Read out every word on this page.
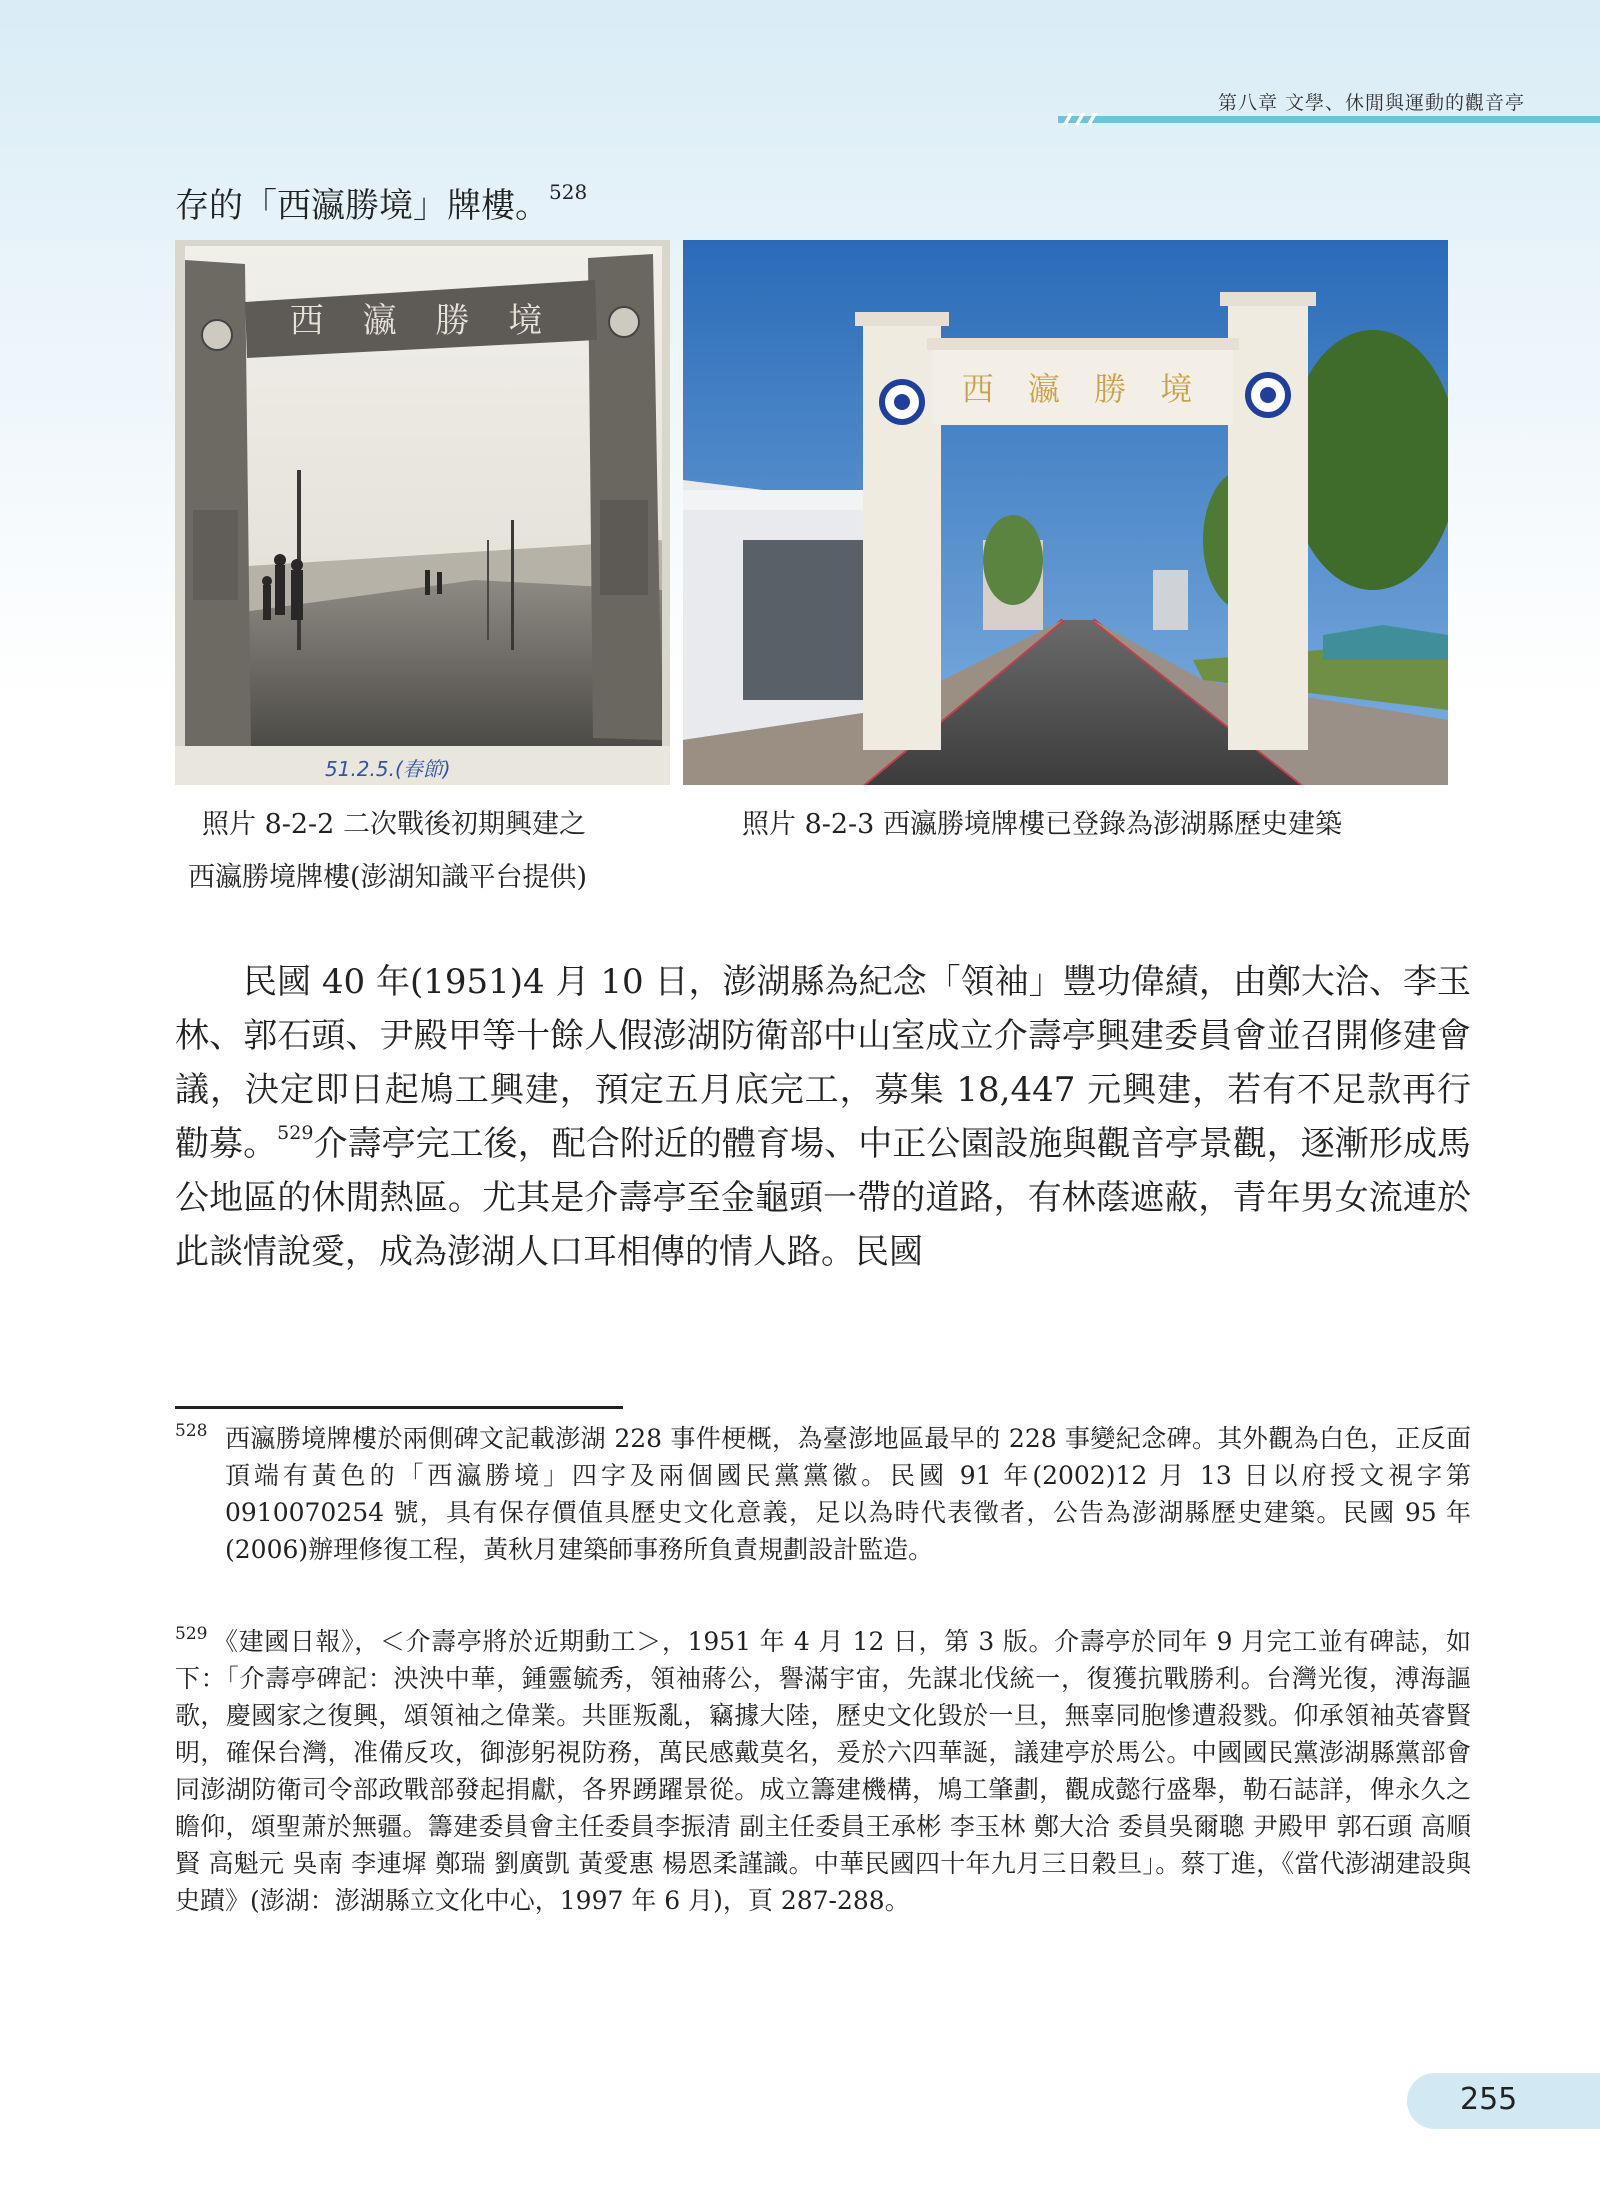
第八章 文學、休閒與運動的觀音亭
存的「西瀛勝境」牌樓。$^{528}$
西 瀛 勝 境
51.2.5.(春節)
西 瀛 勝 境
照片 8-2-2 二次戰後初期興建之
西瀛勝境牌樓(澎湖知識平台提供)
照片 8-2-3 西瀛勝境牌樓已登錄為澎湖縣歷史建築
民國 40 年(1951)4 月 10 日，澎湖縣為紀念「領袖」豐功偉績，由鄭大洽、李玉林、郭石頭、尹殿甲等十餘人假澎湖防衛部中山室成立介壽亭興建委員會並召開修建會議，決定即日起鳩工興建，預定五月底完工，募集 18,447 元興建，若有不足款再行勸募。$^{529}$介壽亭完工後，配合附近的體育場、中正公園設施與觀音亭景觀，逐漸形成馬公地區的休閒熱區。尤其是介壽亭至金龜頭一帶的道路，有林蔭遮蔽，青年男女流連於此談情說愛，成為澎湖人口耳相傳的情人路。民國
528 西瀛勝境牌樓於兩側碑文記載澎湖 228 事件梗概，為臺澎地區最早的 228 事變紀念碑。其外觀為白色，正反面頂端有黃色的「西瀛勝境」四字及兩個國民黨黨徽。民國 91 年(2002)12 月 13 日以府授文視字第 0910070254 號，具有保存價值具歷史文化意義，足以為時代表徵者，公告為澎湖縣歷史建築。民國 95 年(2006)辦理修復工程，黃秋月建築師事務所負責規劃設計監造。
529 《建國日報》，＜介壽亭將於近期動工＞，1951 年 4 月 12 日，第 3 版。介壽亭於同年 9 月完工並有碑誌，如下：「介壽亭碑記：泱泱中華，鍾靈毓秀，領袖蔣公，譽滿宇宙，先謀北伐統一，復獲抗戰勝利。台灣光復，溥海謳歌，慶國家之復興，頌領袖之偉業。共匪叛亂，竊據大陸，歷史文化毀於一旦，無辜同胞慘遭殺戮。仰承領袖英睿賢明，確保台灣，准備反攻，御澎躬視防務，萬民感戴莫名，爰於六四華誕，議建亭於馬公。中國國民黨澎湖縣黨部會同澎湖防衛司令部政戰部發起捐獻，各界踴躍景從。成立籌建機構，鳩工肇劃，觀成懿行盛舉，勒石誌詳，俾永久之瞻仰，頌聖萧於無疆。籌建委員會主任委員李振清 副主任委員王承彬 李玉林 鄭大洽 委員吳爾聰 尹殿甲 郭石頭 高順賢 高魁元 吳南 李連墀 鄭瑞 劉廣凱 黃愛惠 楊恩柔謹識。中華民國四十年九月三日穀旦」。蔡丁進，《當代澎湖建設與史蹟》(澎湖：澎湖縣立文化中心，1997 年 6 月)，頁 287-288。
255
